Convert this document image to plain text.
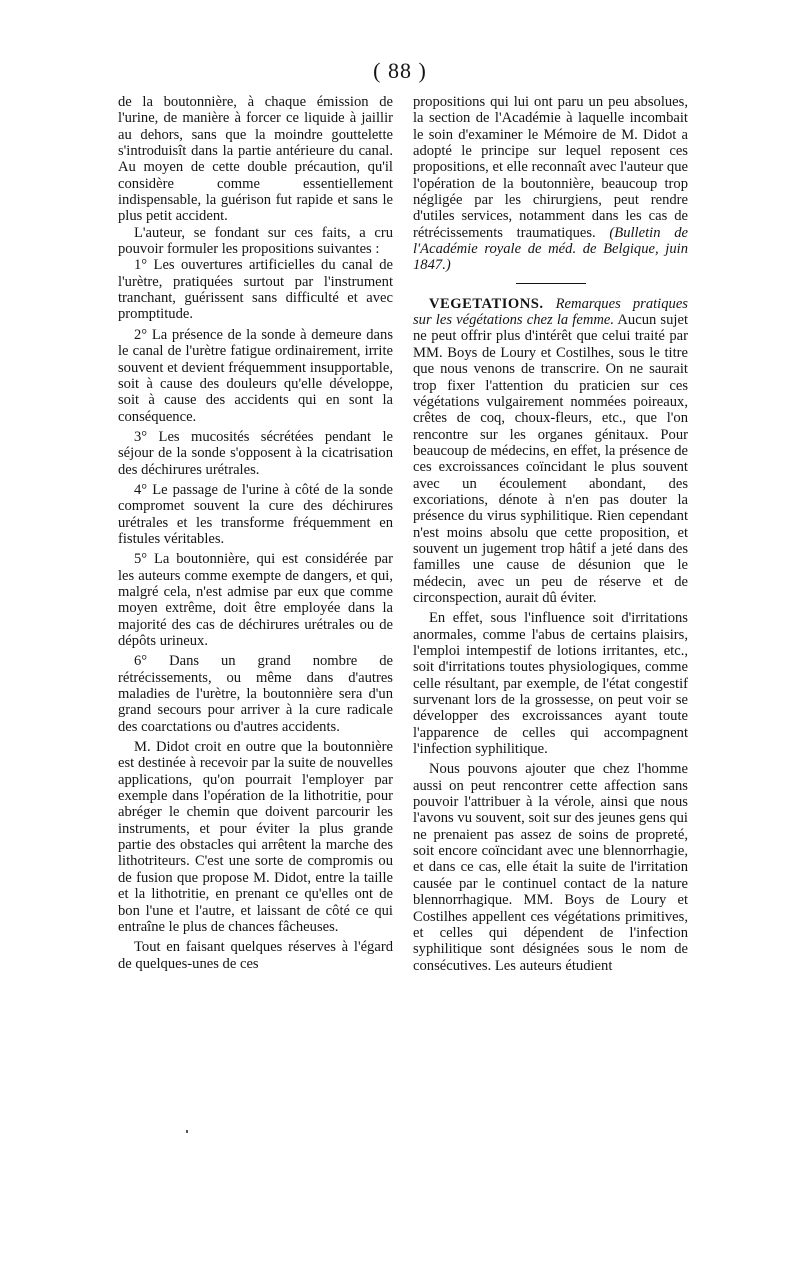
( 88 )

de la boutonnière, à chaque émission de l'urine, de manière à forcer ce liquide à jaillir au dehors, sans que la moindre gouttelette s'introduisît dans la partie antérieure du canal. Au moyen de cette double précaution, qu'il considère comme essentiellement indispensable, la guérison fut rapide et sans le plus petit accident.

L'auteur, se fondant sur ces faits, a cru pouvoir formuler les propositions suivantes :

1° Les ouvertures artificielles du canal de l'urètre, pratiquées surtout par l'instrument tranchant, guérissent sans difficulté et avec promptitude.

2° La présence de la sonde à demeure dans le canal de l'urètre fatigue ordinairement, irrite souvent et devient fréquemment insupportable, soit à cause des douleurs qu'elle développe, soit à cause des accidents qui en sont la conséquence.

3° Les mucosités sécrétées pendant le séjour de la sonde s'opposent à la cicatrisation des déchirures urétrales.

4° Le passage de l'urine à côté de la sonde compromet souvent la cure des déchirures urétrales et les transforme fréquemment en fistules véritables.

5° La boutonnière, qui est considérée par les auteurs comme exempte de dangers, et qui, malgré cela, n'est admise par eux que comme moyen extrême, doit être employée dans la majorité des cas de déchirures urétrales ou de dépôts urineux.

6° Dans un grand nombre de rétrécissements, ou même dans d'autres maladies de l'urètre, la boutonnière sera d'un grand secours pour arriver à la cure radicale des coarctations ou d'autres accidents.

M. Didot croit en outre que la boutonnière est destinée à recevoir par la suite de nouvelles applications, qu'on pourrait l'employer par exemple dans l'opération de la lithotritie, pour abréger le chemin que doivent parcourir les instruments, et pour éviter la plus grande partie des obstacles qui arrêtent la marche des lithotriteurs. C'est une sorte de compromis ou de fusion que propose M. Didot, entre la taille et la lithotritie, en prenant ce qu'elles ont de bon l'une et l'autre, et laissant de côté ce qui entraîne le plus de chances fâcheuses.

Tout en faisant quelques réserves à l'égard de quelques-unes de ces

propositions qui lui ont paru un peu absolues, la section de l'Académie à laquelle incombait le soin d'examiner le Mémoire de M. Didot a adopté le principe sur lequel reposent ces propositions, et elle reconnaît avec l'auteur que l'opération de la boutonnière, beaucoup trop négligée par les chirurgiens, peut rendre d'utiles services, notamment dans les cas de rétrécissements traumatiques. (Bulletin de l'Académie royale de méd. de Belgique, juin 1847.)

VEGETATIONS. Remarques pratiques sur les végétations chez la femme. Aucun sujet ne peut offrir plus d'intérêt que celui traité par MM. Boys de Loury et Costilhes, sous le titre que nous venons de transcrire. On ne saurait trop fixer l'attention du praticien sur ces végétations vulgairement nommées poireaux, crêtes de coq, choux-fleurs, etc., que l'on rencontre sur les organes génitaux. Pour beaucoup de médecins, en effet, la présence de ces excroissances coïncidant le plus souvent avec un écoulement abondant, des excoriations, dénote à n'en pas douter la présence du virus syphilitique. Rien cependant n'est moins absolu que cette proposition, et souvent un jugement trop hâtif a jeté dans des familles une cause de désunion que le médecin, avec un peu de réserve et de circonspection, aurait dû éviter.

En effet, sous l'influence soit d'irritations anormales, comme l'abus de certains plaisirs, l'emploi intempestif de lotions irritantes, etc., soit d'irritations toutes physiologiques, comme celle résultant, par exemple, de l'état congestif survenant lors de la grossesse, on peut voir se développer des excroissances ayant toute l'apparence de celles qui accompagnent l'infection syphilitique.

Nous pouvons ajouter que chez l'homme aussi on peut rencontrer cette affection sans pouvoir l'attribuer à la vérole, ainsi que nous l'avons vu souvent, soit sur des jeunes gens qui ne prenaient pas assez de soins de propreté, soit encore coïncidant avec une blennorrhagie, et dans ce cas, elle était la suite de l'irritation causée par le continuel contact de la nature blennorrhagique. MM. Boys de Loury et Costilhes appellent ces végétations primitives, et celles qui dépendent de l'infection syphilitique sont désignées sous le nom de consécutives. Les auteurs étudient
